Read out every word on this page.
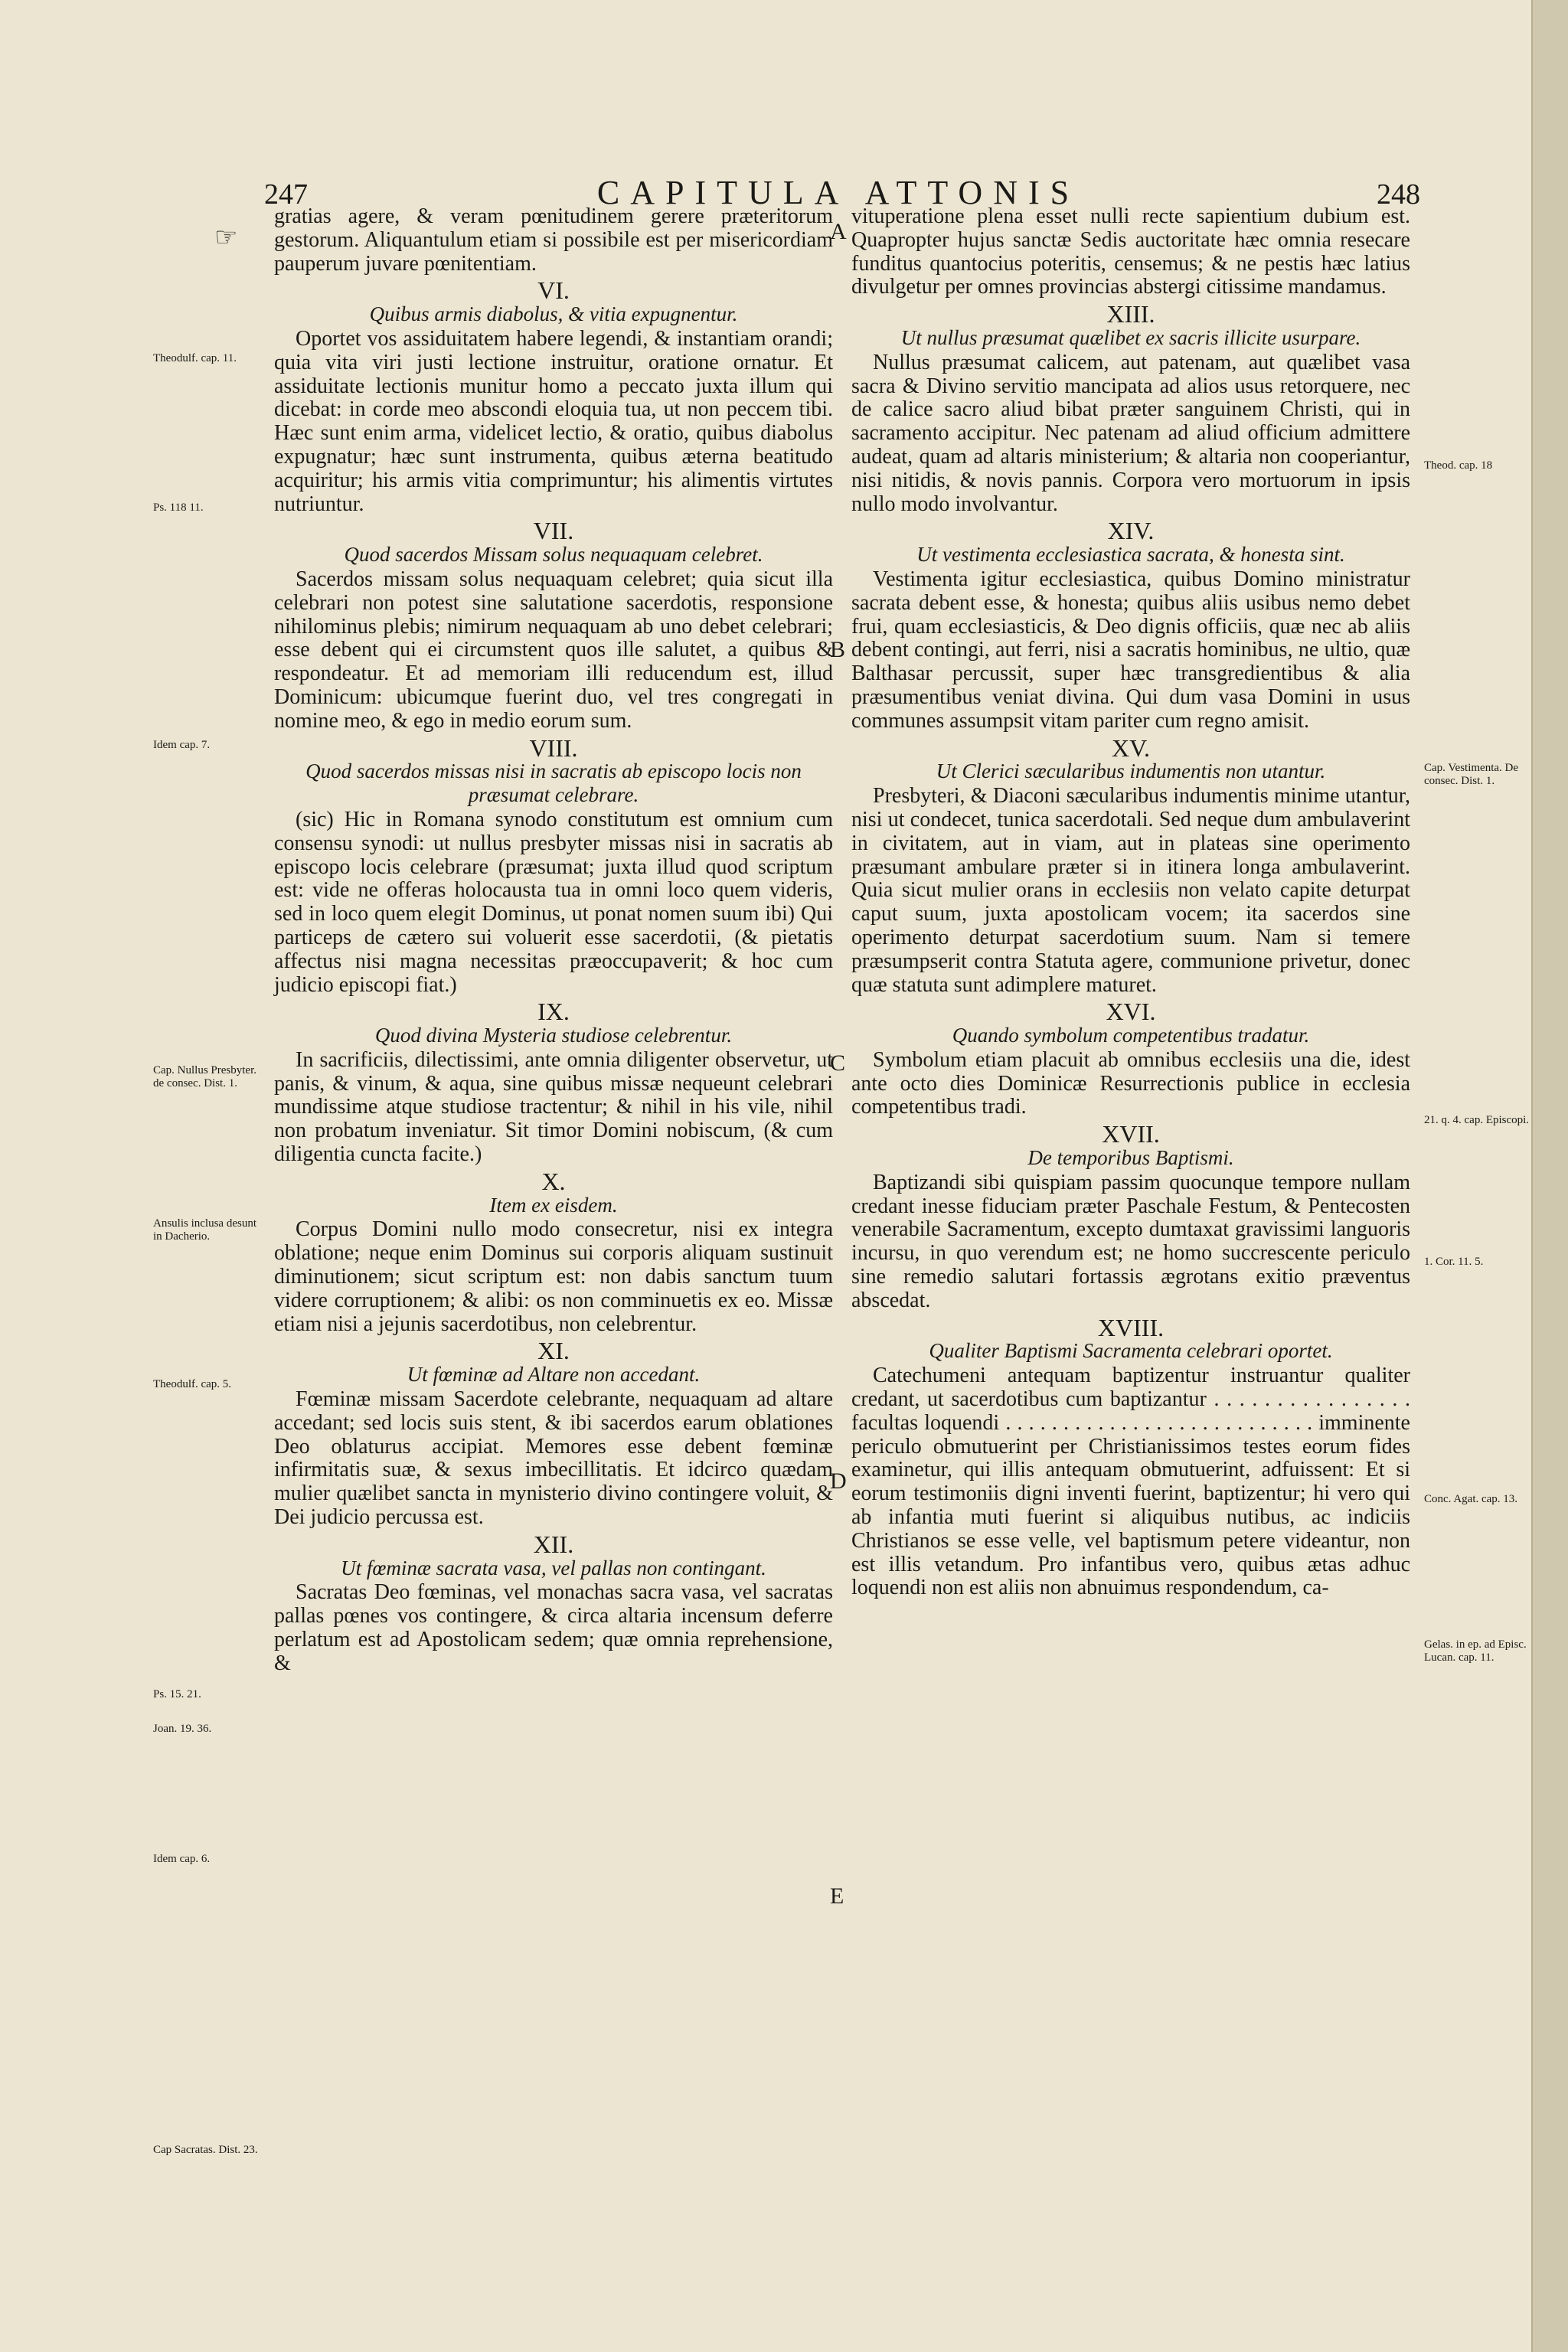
247	CAPITULA ATTONIS	248
☞

gratias agere, & veram pœnitudinem gerere præteritorum gestorum. Aliquantulum etiam si possibile est per misericordiam pauperum juvare pœnitentiam.

VI.
Quibus armis diabolus, & vitia expugnentur.

Oportet vos assiduitatem habere legendi, & instantiam orandi; quia vita viri justi lectione instruitur, oratione ornatur. Et assiduitate lectionis munitur homo a peccato juxta illum qui dicebat: in corde meo abscondi eloquia tua, ut non peccem tibi. Hæc sunt enim arma, videlicet lectio, & oratio, quibus diabolus expugnatur; hæc sunt instrumenta, quibus æterna beatitudo acquiritur; his armis vitia comprimuntur; his alimentis virtutes nutriuntur.

VII.
Quod sacerdos Missam solus nequaquam celebret.

Sacerdos missam solus nequaquam celebret; quia sicut illa celebrari non potest sine salutatione sacerdotis, responsione nihilominus plebis; nimirum nequaquam ab uno debet celebrari; esse debent qui ei circumstent quos ille salutet, a quibus & respondeatur. Et ad memoriam illi reducendum est, illud Dominicum: ubicumque fuerint duo, vel tres congregati in nomine meo, & ego in medio eorum sum.

VIII.
Quod sacerdos missas nisi in sacratis ab episcopo locis non præsumat celebrare.

(sic) Hic in Romana synodo constitutum est omnium cum consensu synodi: ut nullus presbyter missas nisi in sacratis ab episcopo locis celebrare (præsumat; juxta illud quod scriptum est: vide ne offeras holocausta tua in omni loco quem videris, sed in loco quem elegit Dominus, ut ponat nomen suum ibi) Qui particeps de cætero sui voluerit esse sacerdotii, (& pietatis affectus nisi magna necessitas præoccupaverit; & hoc cum judicio episcopi fiat.)

IX.
Quod divina Mysteria studiose celebrentur.

In sacrificiis, dilectissimi, ante omnia diligenter observetur, ut panis, & vinum, & aqua, sine quibus missæ nequeunt celebrari mundissime atque studiose tractentur; & nihil in his vile, nihil non probatum inveniatur. Sit timor Domini nobiscum, (& cum diligentia cuncta facite.)

X.
Item ex eisdem.

Corpus Domini nullo modo consecretur, nisi ex integra oblatione; neque enim Dominus sui corporis aliquam sustinuit diminutionem; sicut scriptum est: non dabis sanctum tuum videre corruptionem; & alibi: os non comminuetis ex eo. Missæ etiam nisi a jejunis sacerdotibus, non celebrentur.

XI.
Ut fœminæ ad Altare non accedant.

Fœminæ missam Sacerdote celebrante, nequaquam ad altare accedant; sed locis suis stent, & ibi sacerdos earum oblationes Deo oblaturus accipiat. Memores esse debent fœminæ infirmitatis suæ, & sexus imbecillitatis. Et idcirco quædam mulier quælibet sancta in mynisterio divino contingere voluit, & Dei judicio percussa est.

XII.
Ut fœminæ sacrata vasa, vel pallas non contingant.

Sacratas Deo fœminas, vel monachas sacra vasa, vel sacratas pallas pœnes vos contingere, & circa altaria incensum deferre perlatum est ad Apostolicam sedem; quæ omnia reprehensione, &

vituperatione plena esset nulli recte sapientium dubium est. Quapropter hujus sanctæ Sedis auctoritate hæc omnia resecare funditus quantocius poteritis, censemus; & ne pestis hæc latius divulgetur per omnes provincias abstergi citissime mandamus.

XIII.
Ut nullus præsumat quælibet ex sacris illicite usurpare.

Nullus præsumat calicem, aut patenam, aut quælibet vasa sacra & Divino servitio mancipata ad alios usus retorquere, nec de calice sacro aliud bibat præter sanguinem Christi, qui in sacramento accipitur. Nec patenam ad aliud officium admittere audeat, quam ad altaris ministerium; & altaria non cooperiantur, nisi nitidis, & novis pannis. Corpora vero mortuorum in ipsis nullo modo involvantur.

XIV.
Ut vestimenta ecclesiastica sacrata, & honesta sint.

Vestimenta igitur ecclesiastica, quibus Domino ministratur sacrata debent esse, & honesta; quibus aliis usibus nemo debet frui, quam ecclesiasticis, & Deo dignis officiis, quæ nec ab aliis debent contingi, aut ferri, nisi a sacratis hominibus, ne ultio, quæ Balthasar percussit, super hæc transgredientibus & alia præsumentibus veniat divina. Qui dum vasa Domini in usus communes assumpsit vitam pariter cum regno amisit.

XV.
Ut Clerici sæcularibus indumentis non utantur.

Presbyteri, & Diaconi sæcularibus indumentis minime utantur, nisi ut condecet, tunica sacerdotali. Sed neque dum ambulaverint in civitatem, aut in viam, aut in plateas sine operimento præsumant ambulare præter si in itinera longa ambulaverint. Quia sicut mulier orans in ecclesiis non velato capite deturpat caput suum, juxta apostolicam vocem; ita sacerdos sine operimento deturpat sacerdotium suum. Nam si temere præsumpserit contra Statuta agere, communione privetur, donec quæ statuta sunt adimplere maturet.

XVI.
Quando symbolum competentibus tradatur.

Symbolum etiam placuit ab omnibus ecclesiis una die, idest ante octo dies Dominicæ Resurrectionis publice in ecclesia competentibus tradi.

XVII.
De temporibus Baptismi.

Baptizandi sibi quispiam passim quocunque tempore nullam credant inesse fiduciam præter Paschale Festum, & Pentecosten venerabile Sacramentum, excepto dumtaxat gravissimi languoris incursu, in quo verendum est; ne homo succrescente periculo sine remedio salutari fortassis ægrotans exitio præventus abscedat.

XVIII.
Qualiter Baptismi Sacramenta celebrari oportet.

Catechumeni antequam baptizentur instruantur qualiter credant, ut sacerdotibus cum baptizantur . . . . . . . . . . . . . . . . facultas loquendi . . . . . . . . . . . . . . . . . . . . . . . . . . . imminente periculo obmutuerint per Christianissimos testes eorum fides examinetur, qui illis antequam obmutuerint, adfuissent: Et si eorum testimoniis digni inventi fuerint, baptizentur; hi vero qui ab infantia muti fuerint si aliquibus nutibus, ac indiciis Christianos se esse velle, vel baptismum petere videantur, non est illis vetandum. Pro infantibus vero, quibus ætas adhuc loquendi non est aliis non abnuimus respondendum, ca-

Theodulf. cap. 11.
Ps. 118 11.
Idem cap. 7.
Cap. Nullus Presbyter. de consec. Dist. 1.
Ansulis inclusa desunt in Dacherio.
Theodulf. cap. 5.
Ps. 15. 21.
Joan. 19. 36.
Idem cap. 6.
Cap Sacratas. Dist. 23.
Theod. cap. 18
Cap. Vestimenta. De consec. Dist. 1.
21. q. 4. cap. Episcopi.
1. Cor. 11. 5.
Conc. Agat. cap. 13.
Gelas. in ep. ad Episc. Lucan. cap. 11.
A
B
C
D
E
